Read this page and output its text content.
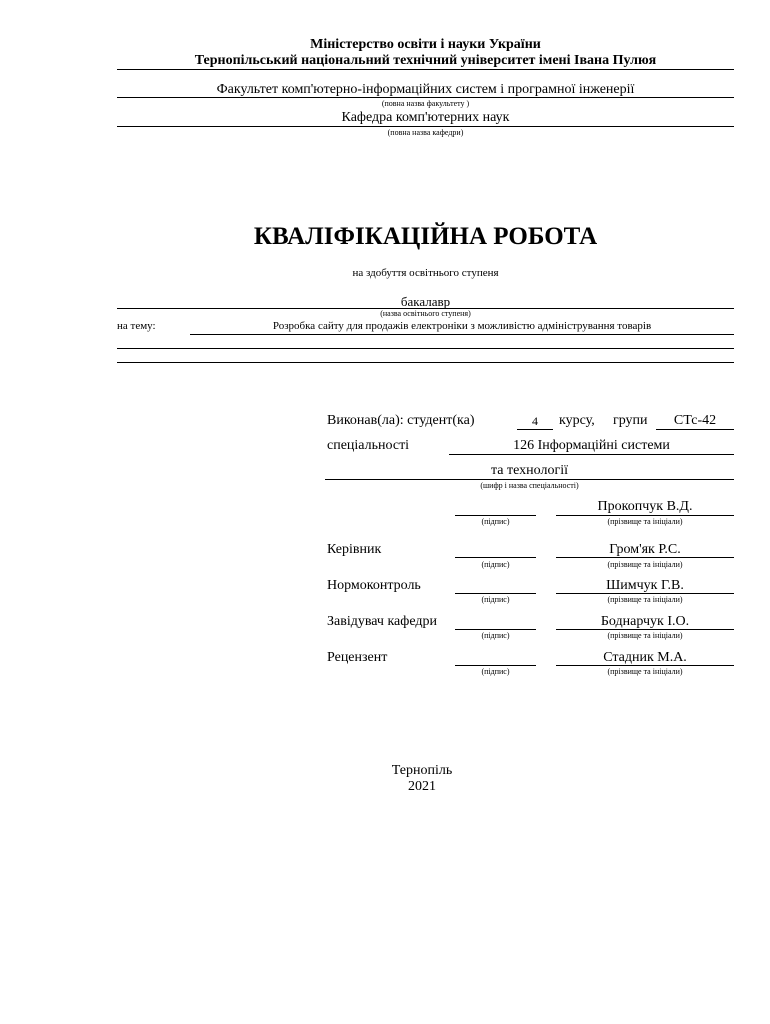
Міністерство освіти і науки України
Тернопільський національний технічний університет імені Івана Пулюя
Факультет комп'ютерно-інформаційних систем і програмної інженерії
(повна назва факультету )
Кафедра комп'ютерних наук
(повна назва кафедри)
КВАЛІФІКАЦІЙНА РОБОТА
на здобуття освітнього ступеня
бакалавр
(назва освітнього ступеня)
на тему:	Розробка сайту для продажів електроніки з можливістю адміністрування товарів
Виконав(ла): студент(ка)	4	курсу, групи	СТс-42
спеціальності	126 Інформаційні системи
та технології
(шифр і назва спеціальності)
Прокопчук В.Д.
(підпис)	(прізвище та ініціали)
Керівник	Гром'як Р.С.
(підпис)	(прізвище та ініціали)
Нормоконтроль	Шимчук Г.В.
(підпис)	(прізвище та ініціали)
Завідувач кафедри	Боднарчук І.О.
(підпис)	(прізвище та ініціали)
Рецензент	Стадник М.А.
(підпис)	(прізвище та ініціали)
Тернопіль
2021
